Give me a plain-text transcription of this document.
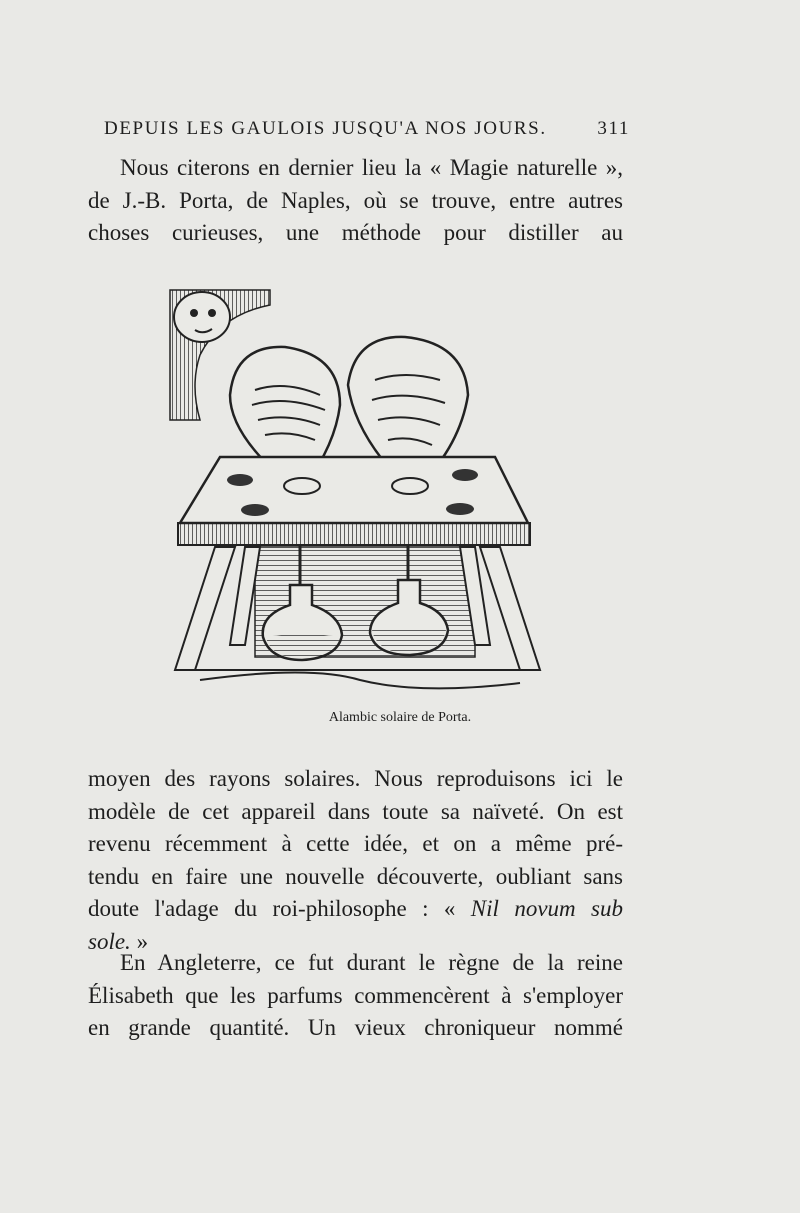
DEPUIS LES GAULOIS JUSQU'A NOS JOURS.	311

Nous citerons en dernier lieu la « Magie naturelle »,
de J.-B. Porta, de Naples, où se trouve, entre autres
choses curieuses, une méthode pour distiller au

Alambic solaire de Porta.

moyen des rayons solaires. Nous reproduisons ici le
modèle de cet appareil dans toute sa naïveté. On est
revenu récemment à cette idée, et on a même pré-
tendu en faire une nouvelle découverte, oubliant sans
doute l'adage du roi-philosophe : « Nil novum sub
sole. »

En Angleterre, ce fut durant le règne de la reine
Élisabeth que les parfums commencèrent à s'employer
en grande quantité. Un vieux chroniqueur nommé
